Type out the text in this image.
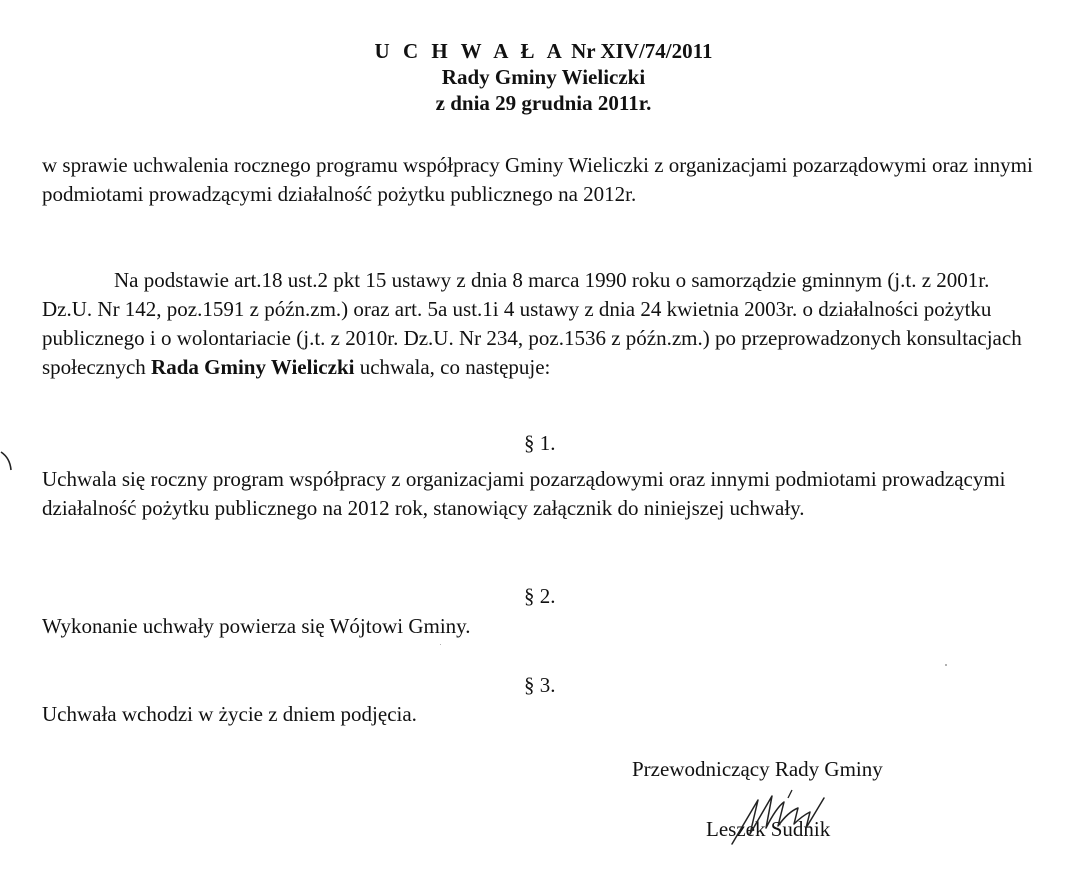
U C H W A Ł A Nr XIV/74/2011
Rady Gminy Wieliczki
z dnia 29 grudnia 2011r.
w sprawie uchwalenia rocznego programu współpracy Gminy Wieliczki z organizacjami pozarządowymi oraz innymi podmiotami prowadzącymi działalność pożytku publicznego na 2012r.
Na podstawie art.18 ust.2 pkt 15 ustawy z dnia 8 marca 1990 roku o samorządzie gminnym (j.t. z 2001r. Dz.U. Nr 142, poz.1591 z późn.zm.) oraz art. 5a ust.1i 4 ustawy z dnia 24 kwietnia 2003r. o działalności pożytku publicznego i o wolontariacie (j.t. z 2010r. Dz.U. Nr 234, poz.1536 z późn.zm.) po przeprowadzonych konsultacjach społecznych Rada Gminy Wieliczki uchwala, co następuje:
§ 1.
Uchwala się roczny program współpracy z organizacjami pozarządowymi oraz innymi podmiotami prowadzącymi działalność pożytku publicznego na 2012 rok, stanowiący załącznik do niniejszej uchwały.
§ 2.
Wykonanie uchwały powierza się Wójtowi Gminy.
§ 3.
Uchwała wchodzi w życie z dniem podjęcia.
Przewodniczący Rady Gminy
Leszek Sudnik
